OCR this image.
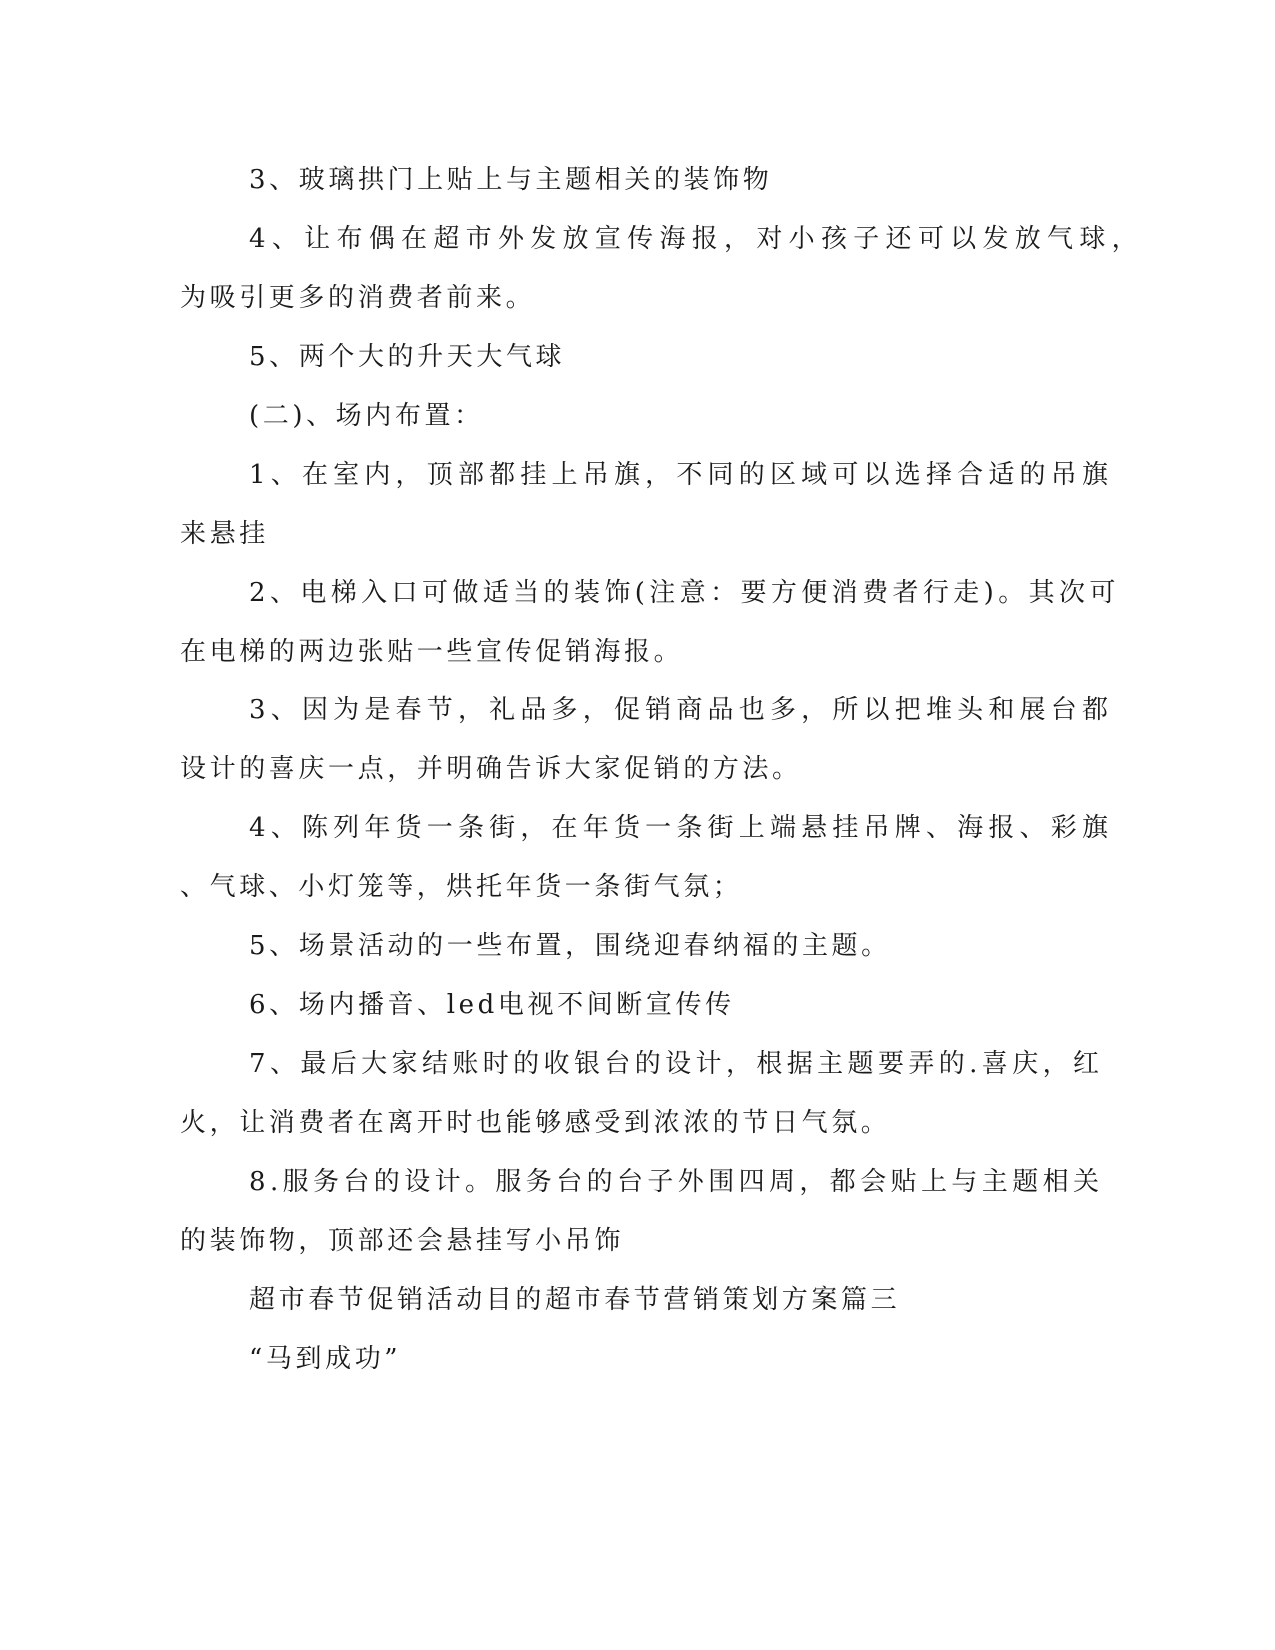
3、玻璃拱门上贴上与主题相关的装饰物
4、让布偶在超市外发放宣传海报，对小孩子还可以发放气球，
为吸引更多的消费者前来。
5、两个大的升天大气球
(二)、场内布置：
1、在室内，顶部都挂上吊旗，不同的区域可以选择合适的吊旗
来悬挂
2、电梯入口可做适当的装饰(注意：要方便消费者行走)。其次可
在电梯的两边张贴一些宣传促销海报。
3、因为是春节，礼品多，促销商品也多，所以把堆头和展台都
设计的喜庆一点，并明确告诉大家促销的方法。
4、陈列年货一条街，在年货一条街上端悬挂吊牌、海报、彩旗
、气球、小灯笼等，烘托年货一条街气氛；
5、场景活动的一些布置，围绕迎春纳福的主题。
6、场内播音、led电视不间断宣传传
7、最后大家结账时的收银台的设计，根据主题要弄的.喜庆，红
火，让消费者在离开时也能够感受到浓浓的节日气氛。
8.服务台的设计。服务台的台子外围四周，都会贴上与主题相关
的装饰物，顶部还会悬挂写小吊饰
超市春节促销活动目的超市春节营销策划方案篇三
“马到成功”
